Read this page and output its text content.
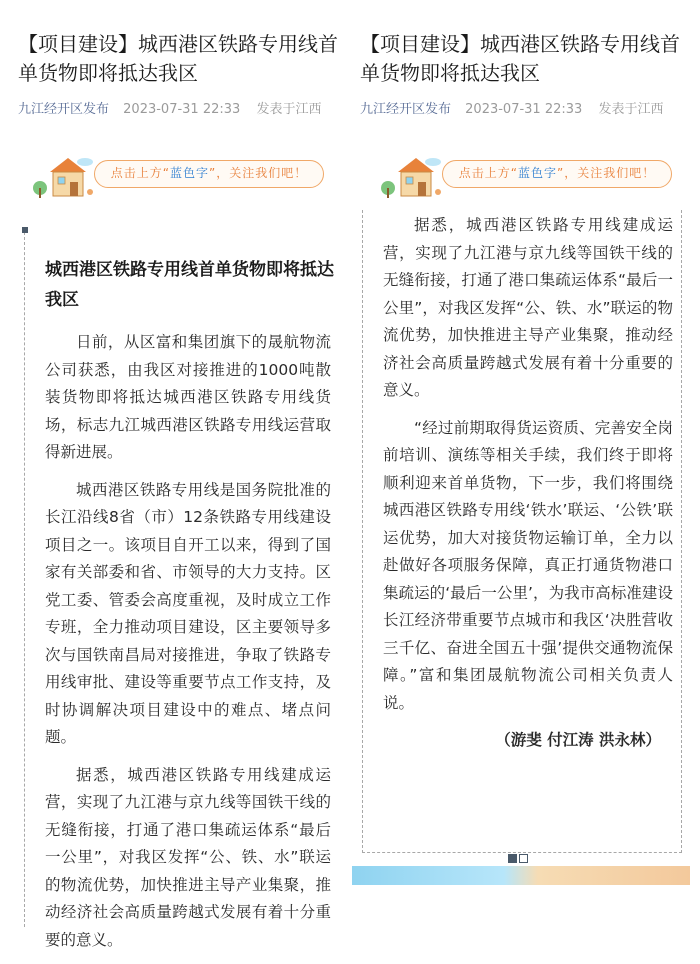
【项目建设】城西港区铁路专用线首单货物即将抵达我区
九江经开区发布 2023-07-31 22:33 发表于江西
点击上方“蓝色字”，关注我们吧！
城西港区铁路专用线首单货物即将抵达我区

日前，从区富和集团旗下的晟航物流公司获悉，由我区对接推进的1000吨散装货物即将抵达城西港区铁路专用线货场，标志九江城西港区铁路专用线运营取得新进展。

城西港区铁路专用线是国务院批准的长江沿线8省（市）12条铁路专用线建设项目之一。该项目自开工以来，得到了国家有关部委和省、市领导的大力支持。区党工委、管委会高度重视，及时成立工作专班，全力推动项目建设，区主要领导多次与国铁南昌局对接推进，争取了铁路专用线审批、建设等重要节点工作支持，及时协调解决项目建设中的难点、堵点问题。

据悉，城西港区铁路专用线建成运营，实现了九江港与京九线等国铁干线的无缝衔接，打通了港口集疏运体系“最后一公里”，对我区发挥“公、铁、水”联运的物流优势，加快推进主导产业集聚，推动经济社会高质量跨越式发展有着十分重要的意义。

【项目建设】城西港区铁路专用线首单货物即将抵达我区
九江经开区发布 2023-07-31 22:33 发表于江西
点击上方“蓝色字”，关注我们吧！

据悉，城西港区铁路专用线建成运营，实现了九江港与京九线等国铁干线的无缝衔接，打通了港口集疏运体系“最后一公里”，对我区发挥“公、铁、水”联运的物流优势，加快推进主导产业集聚，推动经济社会高质量跨越式发展有着十分重要的意义。

“经过前期取得货运资质、完善安全岗前培训、演练等相关手续，我们终于即将顺利迎来首单货物，下一步，我们将围绕城西港区铁路专用线‘铁水’联运、‘公铁’联运优势，加大对接货物运输订单，全力以赴做好各项服务保障，真正打通货物港口集疏运的‘最后一公里’，为我市高标准建设长江经济带重要节点城市和我区‘决胜营收三千亿、奋进全国五十强’提供交通物流保障。”富和集团晟航物流公司相关负责人说。

（游斐 付江涛 洪永林）
